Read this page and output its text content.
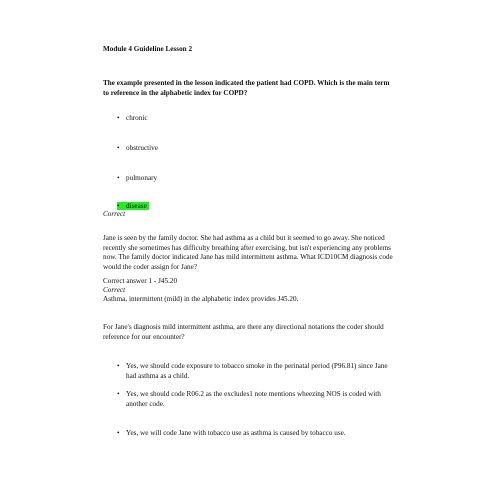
Module 4 Guideline Lesson 2
The example presented in the lesson indicated the patient had COPD. Which is the main term to reference in the alphabetic index for COPD?
• chronic
• obstructive
• pulmonary
• disease
Correct
Jane is seen by the family doctor. She had asthma as a child but it seemed to go away. She noticed recently she sometimes has difficulty breathing after exercising, but isn't experiencing any problems now. The family doctor indicated Jane has mild intermittent asthma. What ICD10CM diagnosis code would the coder assign for Jane?
Correct answer 1 - J45.20
Correct
Asthma, intermittent (mild) in the alphabetic index provides J45.20.
For Jane's diagnosis mild intermittent asthma, are there any directional notations the coder should reference for our encounter?
• Yes, we should code exposure to tobacco smoke in the perinatal period (P96.81) since Jane had asthma as a child.
• Yes, we should code R06.2 as the excludes1 note mentions wheezing NOS is coded with another code.
• Yes, we will code Jane with tobacco use as asthma is caused by tobacco use.
